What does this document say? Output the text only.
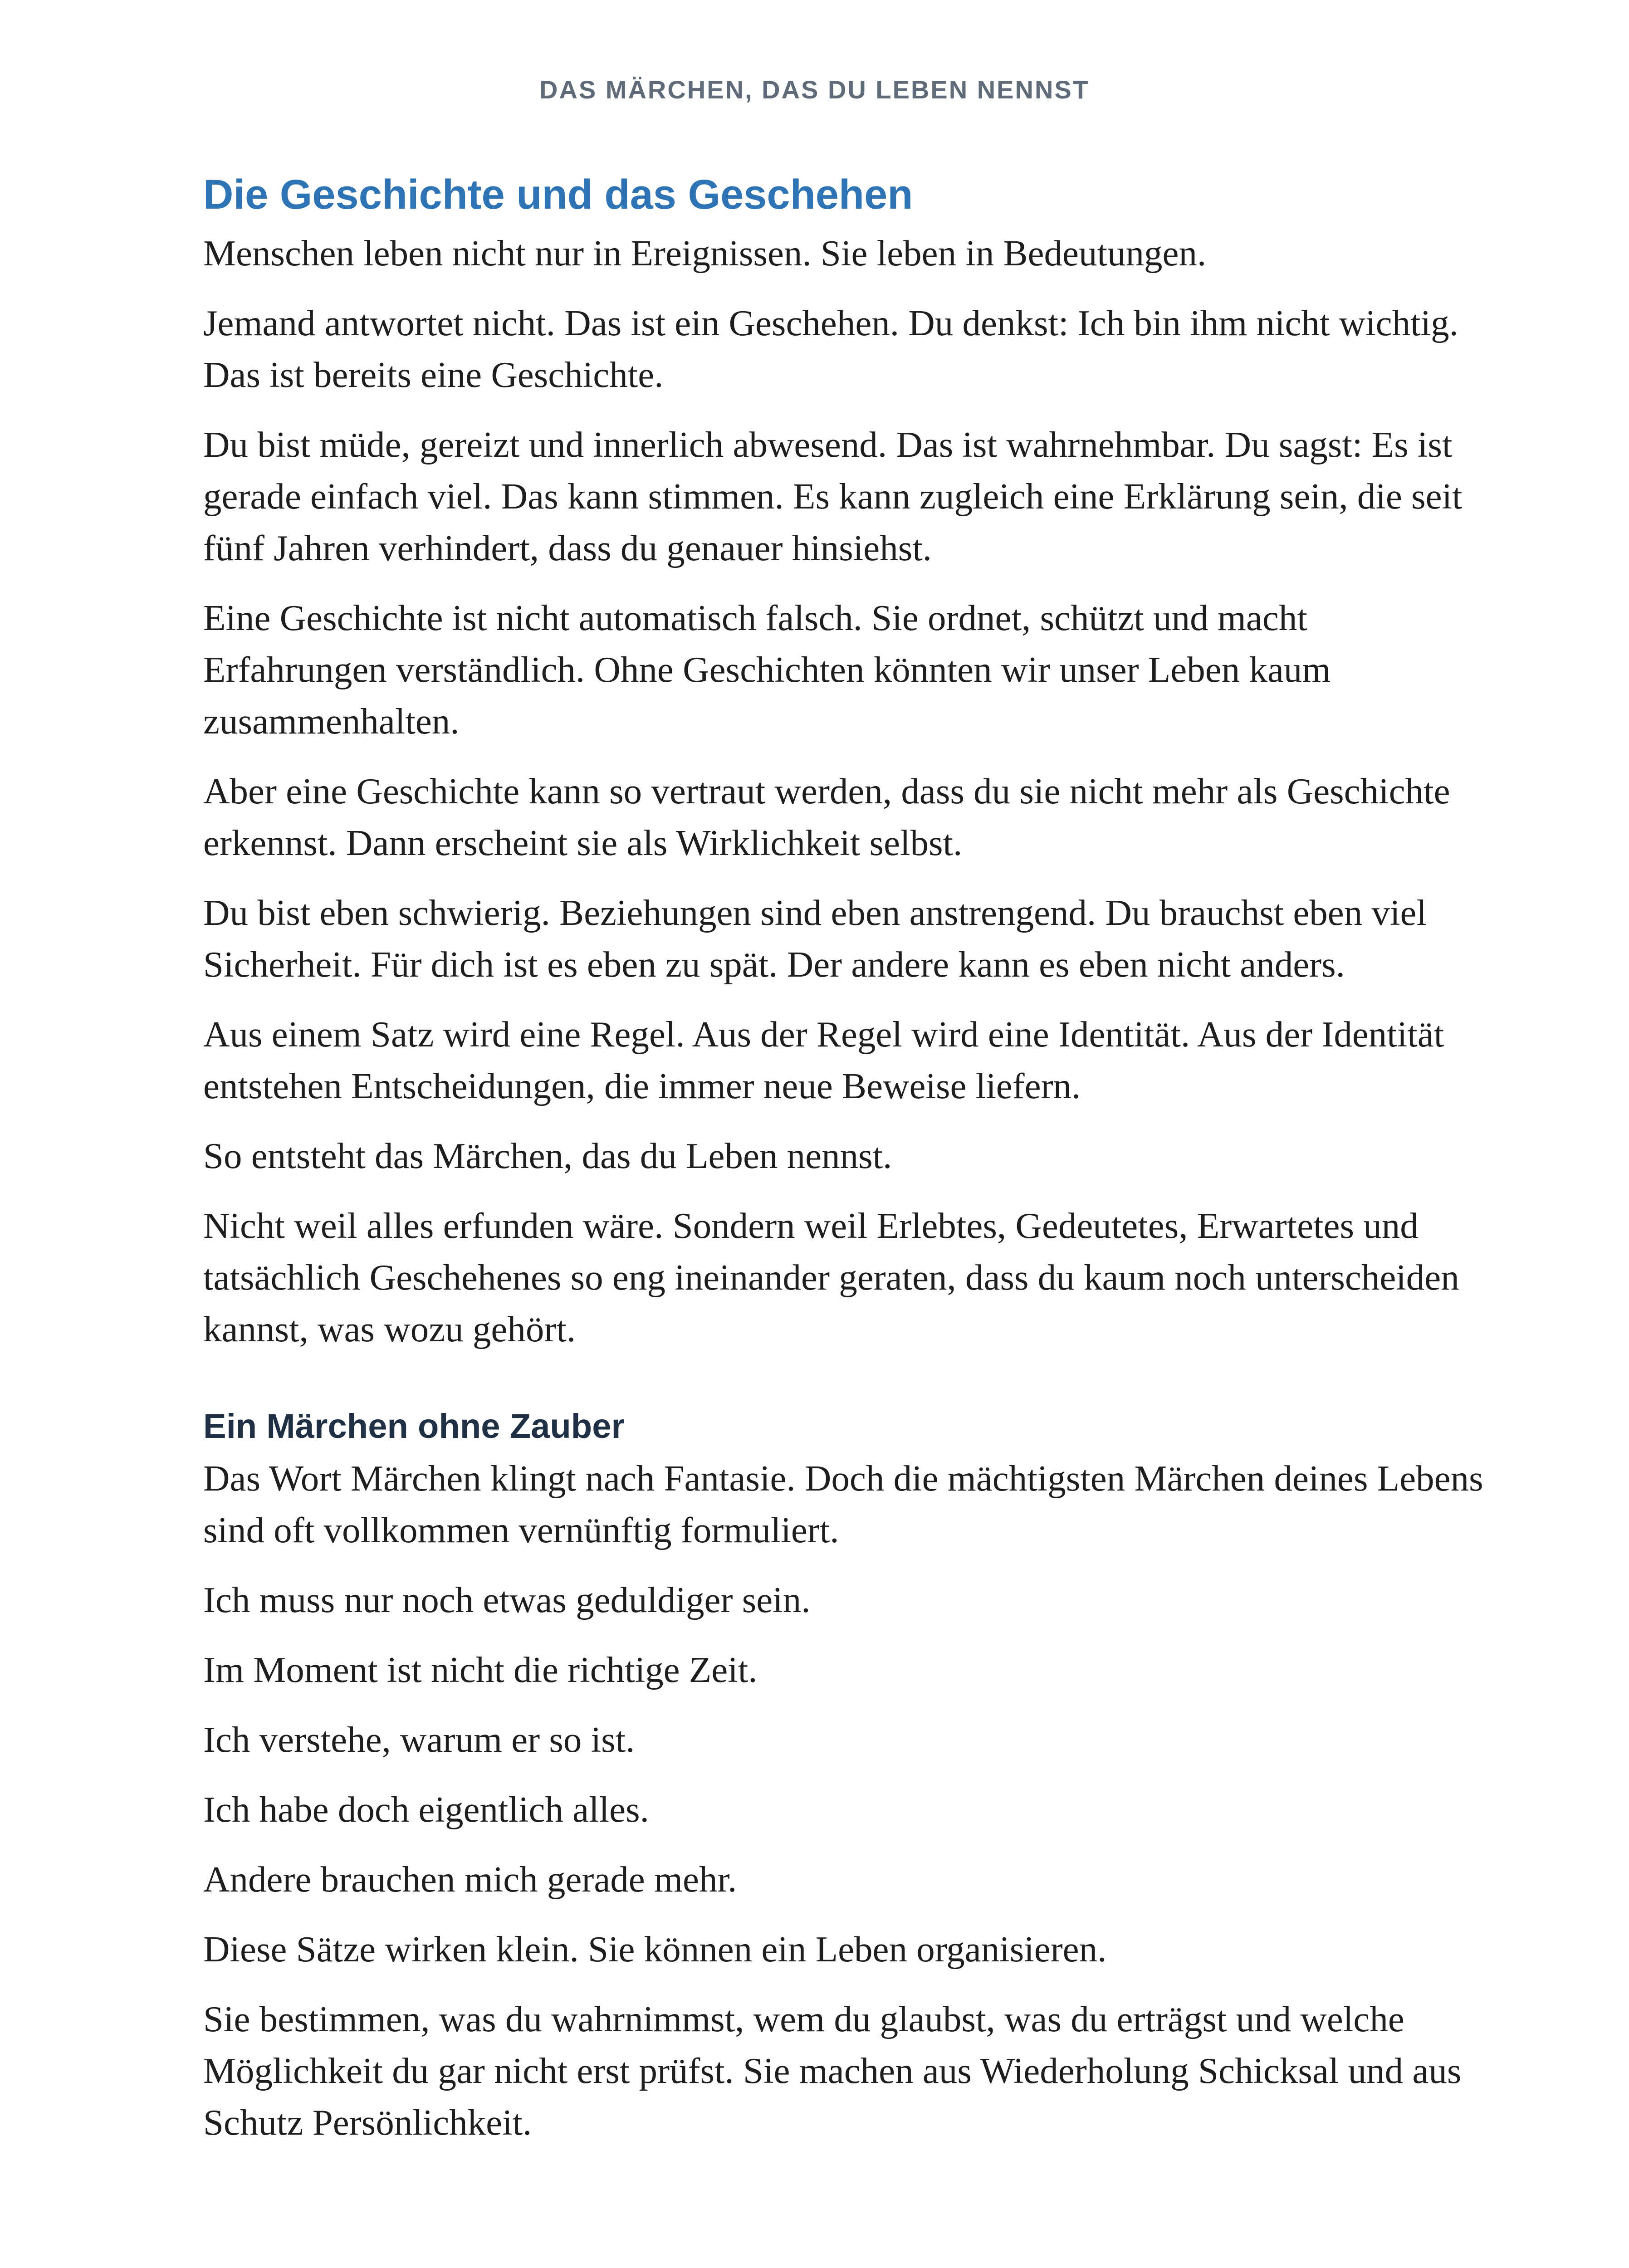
DAS MÄRCHEN, DAS DU LEBEN NENNST
Die Geschichte und das Geschehen

Menschen leben nicht nur in Ereignissen. Sie leben in Bedeutungen.

Jemand antwortet nicht. Das ist ein Geschehen. Du denkst: Ich bin ihm nicht wichtig. Das ist bereits eine Geschichte.

Du bist müde, gereizt und innerlich abwesend. Das ist wahrnehmbar. Du sagst: Es ist gerade einfach viel. Das kann stimmen. Es kann zugleich eine Erklärung sein, die seit fünf Jahren verhindert, dass du genauer hinsiehst.

Eine Geschichte ist nicht automatisch falsch. Sie ordnet, schützt und macht Erfahrungen verständlich. Ohne Geschichten könnten wir unser Leben kaum zusammenhalten.

Aber eine Geschichte kann so vertraut werden, dass du sie nicht mehr als Geschichte erkennst. Dann erscheint sie als Wirklichkeit selbst.

Du bist eben schwierig. Beziehungen sind eben anstrengend. Du brauchst eben viel Sicherheit. Für dich ist es eben zu spät. Der andere kann es eben nicht anders.

Aus einem Satz wird eine Regel. Aus der Regel wird eine Identität. Aus der Identität entstehen Entscheidungen, die immer neue Beweise liefern.

So entsteht das Märchen, das du Leben nennst.

Nicht weil alles erfunden wäre. Sondern weil Erlebtes, Gedeutetes, Erwartetes und tatsächlich Geschehenes so eng ineinander geraten, dass du kaum noch unterscheiden kannst, was wozu gehört.

Ein Märchen ohne Zauber

Das Wort Märchen klingt nach Fantasie. Doch die mächtigsten Märchen deines Lebens sind oft vollkommen vernünftig formuliert.

Ich muss nur noch etwas geduldiger sein.

Im Moment ist nicht die richtige Zeit.

Ich verstehe, warum er so ist.

Ich habe doch eigentlich alles.

Andere brauchen mich gerade mehr.

Diese Sätze wirken klein. Sie können ein Leben organisieren.

Sie bestimmen, was du wahrnimmst, wem du glaubst, was du erträgst und welche Möglichkeit du gar nicht erst prüfst. Sie machen aus Wiederholung Schicksal und aus Schutz Persönlichkeit.
